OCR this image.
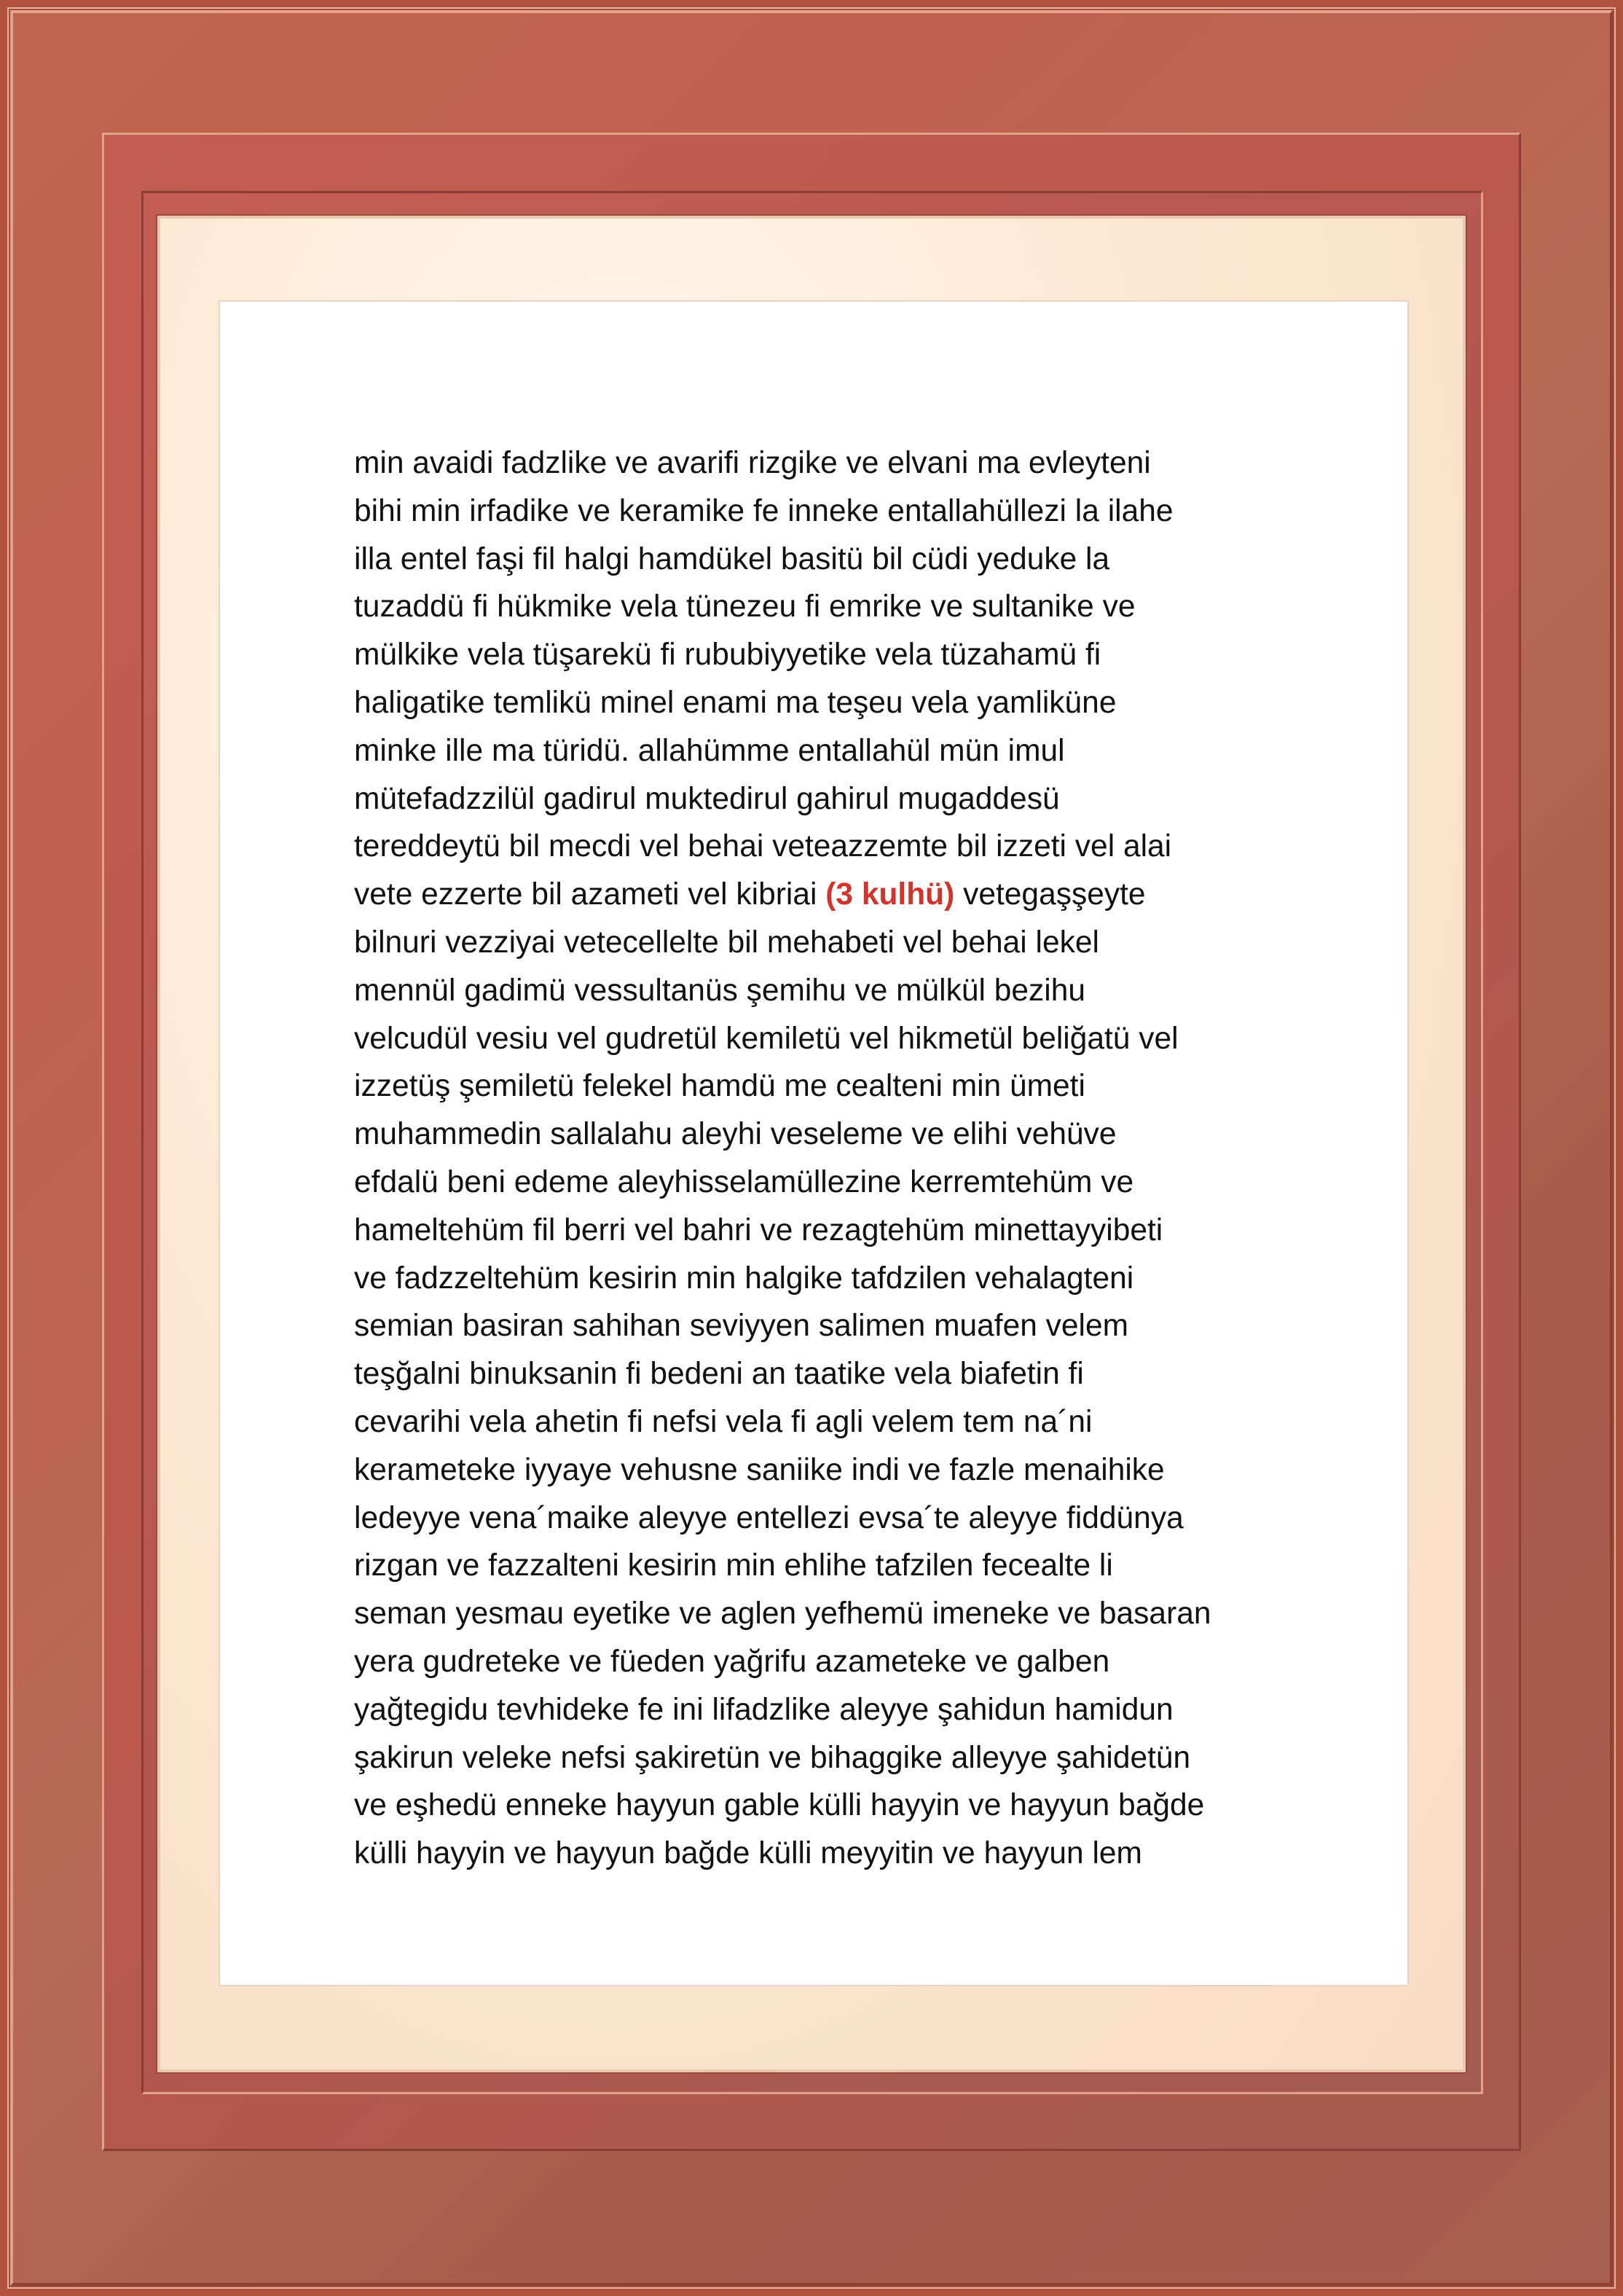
min avaidi fadzlike ve avarifi rizgike ve elvani ma evleyteni
bihi min irfadike ve keramike fe inneke entallahüllezi la ilahe
illa entel faşi fil halgi hamdükel basitü bil cüdi yeduke la
tuzaddü fi hükmike vela tünezeu fi emrike ve sultanike ve
mülkike vela tüşarekü fi rububiyyetike vela tüzahamü fi
haligatike temlikü minel enami ma teşeu vela yamliküne
minke ille ma türidü. allahümme entallahül mün imul
mütefadzzilül gadirul muktedirul gahirul mugaddesü
tereddeytü bil mecdi vel behai veteazzemte bil izzeti vel alai
vete ezzerte bil azameti vel kibriai (3 kulhü) vetegaşşeyte
bilnuri vezziyai vetecellelte bil mehabeti vel behai lekel
mennül gadimü vessultanüs şemihu ve mülkül bezihu
velcudül vesiu vel gudretül kemiletü vel hikmetül beliğatü vel
izzetüş şemiletü felekel hamdü me cealteni min ümeti
muhammedin sallalahu aleyhi veseleme ve elihi vehüve
efdalü beni edeme aleyhisselamüllezine kerremtehüm ve
hameltehüm fil berri vel bahri ve rezagtehüm minettayyibeti
ve fadzzeltehüm kesirin min halgike tafdzilen vehalagteni
semian basiran sahihan seviyyen salimen muafen velem
teşğalni binuksanin fi bedeni an taatike vela biafetin fi
cevarihi vela ahetin fi nefsi vela fi agli velem tem na´ni
kerameteke iyyaye vehusne saniike indi ve fazle menaihike
ledeyye vena´maike aleyye entellezi evsa´te aleyye fiddünya
rizgan ve fazzalteni kesirin min ehlihe tafzilen fecealte li
seman yesmau eyetike ve aglen yefhemü imeneke ve basaran
yera gudreteke ve füeden yağrifu azameteke ve galben
yağtegidu tevhideke fe ini lifadzlike aleyye şahidun hamidun
şakirun veleke nefsi şakiretün ve bihaggike alleyye şahidetün
ve eşhedü enneke hayyun gable külli hayyin ve hayyun bağde
külli hayyin ve hayyun bağde külli meyyitin ve hayyun lem
